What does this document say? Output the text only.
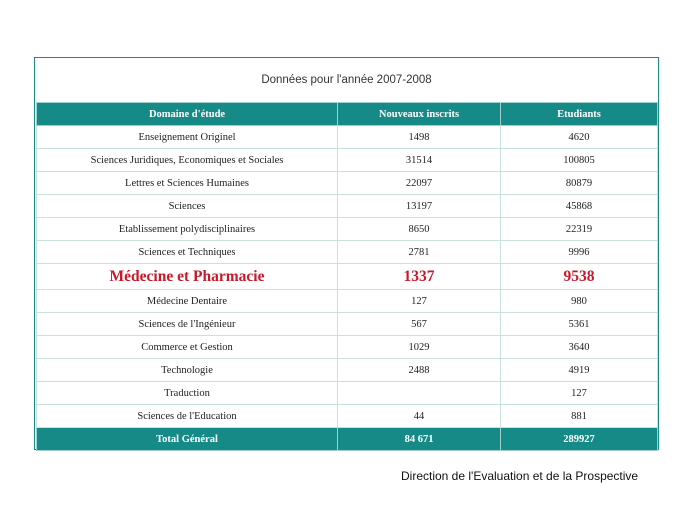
Données pour l'année 2007-2008
Domaine d'étude	Nouveaux inscrits	Etudiants
Enseignement Originel	1498	4620
Sciences Juridiques, Economiques et Sociales	31514	100805
Lettres et Sciences Humaines	22097	80879
Sciences	13197	45868
Etablissement polydisciplinaires	8650	22319
Sciences et Techniques	2781	9996
Médecine et Pharmacie	1337	9538
Médecine Dentaire	127	980
Sciences de l'Ingénieur	567	5361
Commerce et Gestion	1029	3640
Technologie	2488	4919
Traduction		127
Sciences de l'Education	44	881
Total Général	84 671	289927
Direction de l'Evaluation et de la Prospective
